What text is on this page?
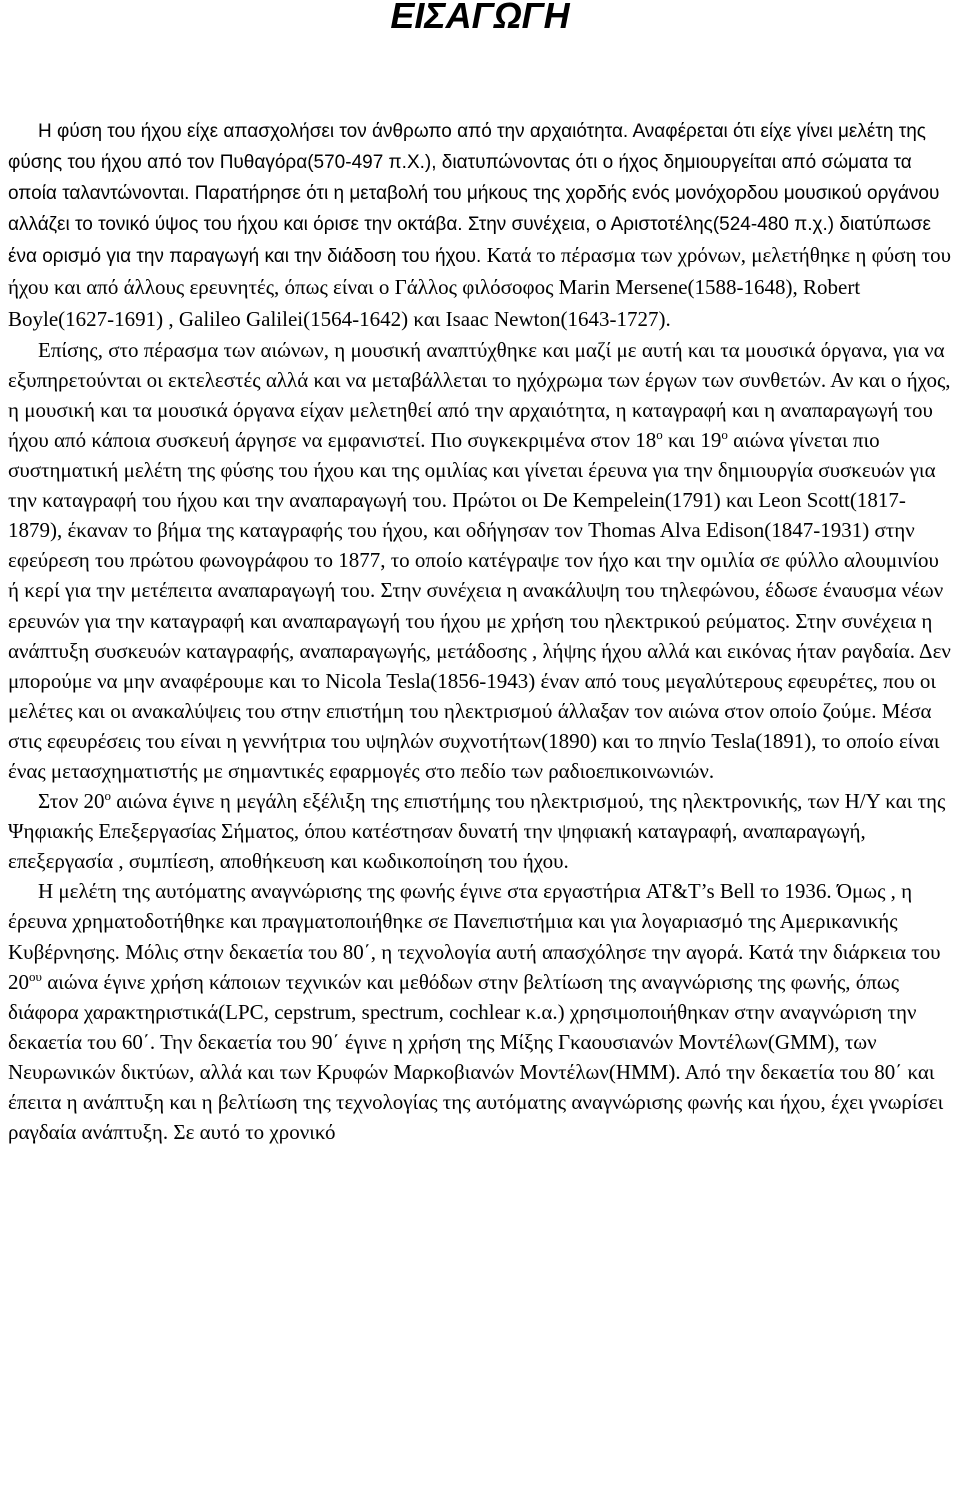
ΕΙΣΑΓΩΓΗ

Η φύση του ήχου είχε απασχολήσει τον άνθρωπο από την αρχαιότητα. Αναφέρεται ότι είχε γίνει μελέτη της φύσης του ήχου από τον Πυθαγόρα(570-497 π.Χ.), διατυπώνοντας ότι ο ήχος δημιουργείται από σώματα τα οποία ταλαντώνονται. Παρατήρησε ότι η μεταβολή του μήκους της χορδής ενός μονόχορδου μουσικού οργάνου αλλάζει το τονικό ύψος του ήχου και όρισε την οκτάβα. Στην συνέχεια, ο Αριστοτέλης(524-480 π.χ.) διατύπωσε ένα ορισμό για την παραγωγή και την διάδοση του ήχου. Κατά το πέρασμα των χρόνων, μελετήθηκε η φύση του ήχου και από άλλους ερευνητές, όπως είναι ο Γάλλος φιλόσοφος Marin Mersene(1588-1648), Robert Boyle(1627-1691) , Galileo Galilei(1564-1642) και Isaac Newton(1643-1727).

Επίσης, στο πέρασμα των αιώνων, η μουσική αναπτύχθηκε και μαζί με αυτή και τα μουσικά όργανα, για να εξυπηρετούνται οι εκτελεστές αλλά και να μεταβάλλεται το ηχόχρωμα των έργων των συνθετών. Αν και ο ήχος, η μουσική και τα μουσικά όργανα είχαν μελετηθεί από την αρχαιότητα, η καταγραφή και η αναπαραγωγή του ήχου από κάποια συσκευή άργησε να εμφανιστεί. Πιο συγκεκριμένα στον $18^o$ και $19^o$ αιώνα γίνεται πιο συστηματική μελέτη της φύσης του ήχου και της ομιλίας και γίνεται έρευνα για την δημιουργία συσκευών για την καταγραφή του ήχου και την αναπαραγωγή του. Πρώτοι οι De Kempelein(1791) και Leon Scott(1817-1879), έκαναν το βήμα της καταγραφής του ήχου, και οδήγησαν τον Thomas Alva Edison(1847-1931) στην εφεύρεση του πρώτου φωνογράφου το 1877, το οποίο κατέγραψε τον ήχο και την ομιλία σε φύλλο αλουμινίου ή κερί για την μετέπειτα αναπαραγωγή του. Στην συνέχεια η ανακάλυψη του τηλεφώνου, έδωσε έναυσμα νέων ερευνών για την καταγραφή και αναπαραγωγή του ήχου με χρήση του ηλεκτρικού ρεύματος. Στην συνέχεια η ανάπτυξη συσκευών καταγραφής, αναπαραγωγής, μετάδοσης , λήψης ήχου αλλά και εικόνας ήταν ραγδαία. Δεν μπορούμε να μην αναφέρουμε και το Nicola Tesla(1856-1943) έναν από τους μεγαλύτερους εφευρέτες, που οι μελέτες και οι ανακαλύψεις του στην επιστήμη του ηλεκτρισμού άλλαξαν τον αιώνα στον οποίο ζούμε. Μέσα στις εφευρέσεις του είναι η γεννήτρια του υψηλών συχνοτήτων(1890) και το πηνίο Tesla(1891), το οποίο είναι ένας μετασχηματιστής με σημαντικές εφαρμογές στο πεδίο των ραδιοεπικοινωνιών.

Στον $20^o$ αιώνα έγινε η μεγάλη εξέλιξη της επιστήμης του ηλεκτρισμού, της ηλεκτρονικής, των Η/Υ και της Ψηφιακής Επεξεργασίας Σήματος, όπου κατέστησαν δυνατή την ψηφιακή καταγραφή, αναπαραγωγή, επεξεργασία , συμπίεση, αποθήκευση και κωδικοποίηση του ήχου.

Η μελέτη της αυτόματης αναγνώρισης της φωνής έγινε στα εργαστήρια AT&T’s Bell το 1936. Όμως , η έρευνα χρηματοδοτήθηκε και πραγματοποιήθηκε σε Πανεπιστήμια και για λογαριασμό της Αμερικανικής Κυβέρνησης. Μόλις στην δεκαετία του 80΄, η τεχνολογία αυτή απασχόλησε την αγορά. Κατά την διάρκεια του $20^{o\upsilon}$ αιώνα έγινε χρήση κάποιων τεχνικών και μεθόδων στην βελτίωση της αναγνώρισης της φωνής, όπως διάφορα χαρακτηριστικά(LPC, cepstrum, spectrum, cochlear κ.α.) χρησιμοποιήθηκαν στην αναγνώριση την δεκαετία του 60΄. Την δεκαετία του 90΄ έγινε η χρήση της Μίξης Γκαουσιανών Μοντέλων(GMM), των Νευρωνικών δικτύων, αλλά και των Κρυφών Μαρκοβιανών Μοντέλων(HMM). Από την δεκαετία του 80΄ και έπειτα η ανάπτυξη και η βελτίωση της τεχνολογίας της αυτόματης αναγνώρισης φωνής και ήχου, έχει γνωρίσει ραγδαία ανάπτυξη. Σε αυτό το χρονικό
